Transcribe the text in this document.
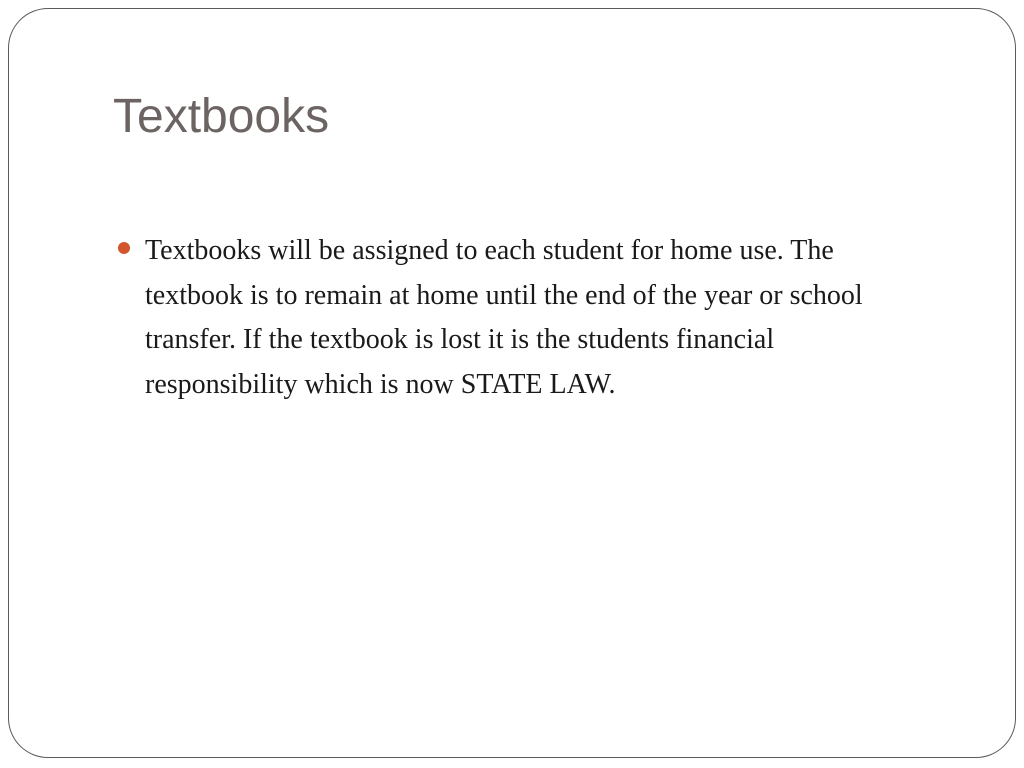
Textbooks
Textbooks will be assigned to each student for home use. The textbook is to remain at home until the end of the year or school transfer. If the textbook is lost it is the students financial responsibility which is now STATE LAW.
